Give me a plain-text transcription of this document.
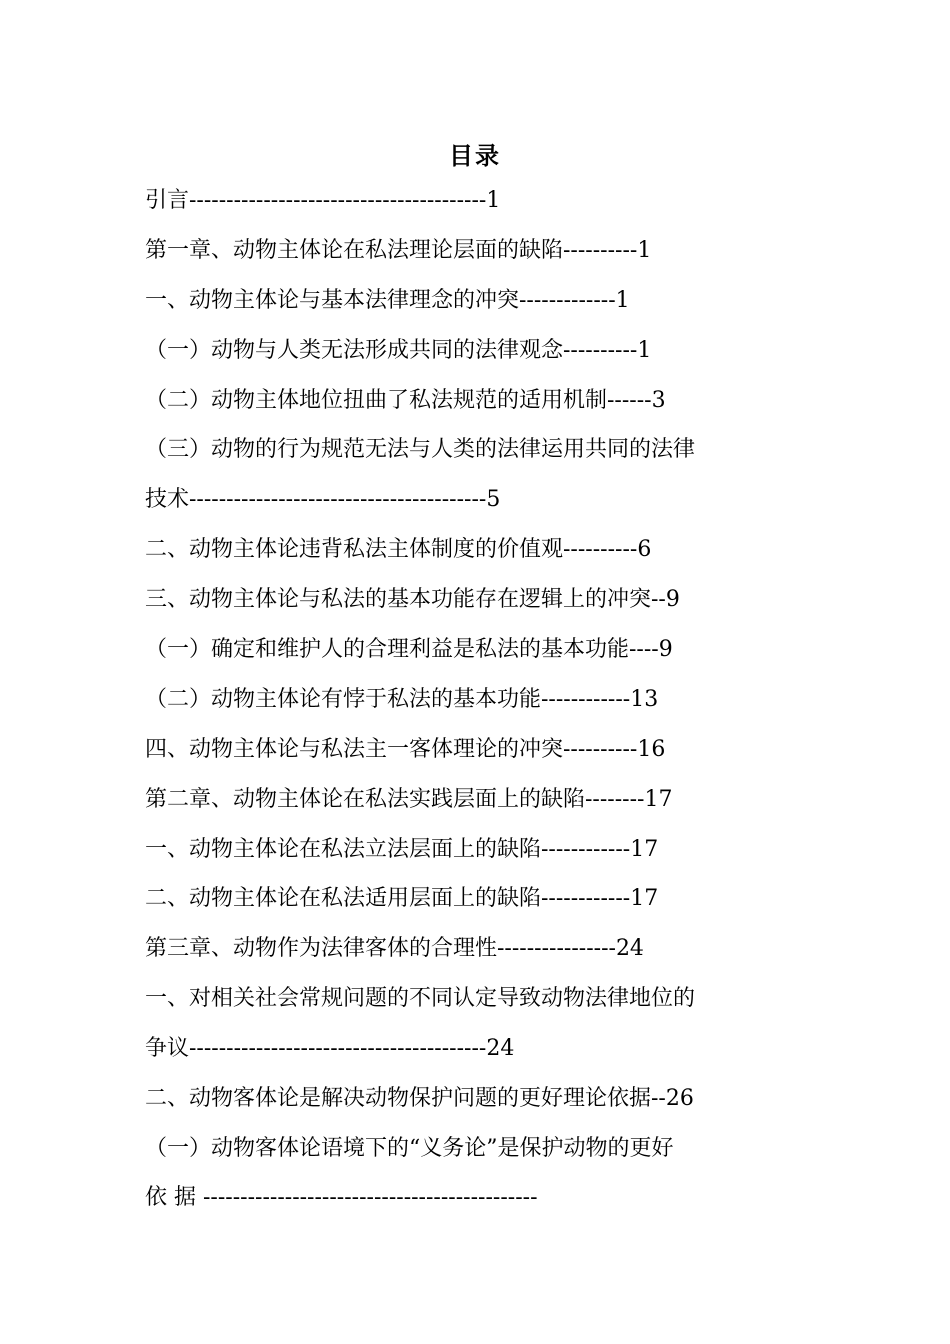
目录
引言----------------------------------------1
第一章、动物主体论在私法理论层面的缺陷----------1
一、动物主体论与基本法律理念的冲突-------------1
（一）动物与人类无法形成共同的法律观念----------1
（二）动物主体地位扭曲了私法规范的适用机制------3
（三）动物的行为规范无法与人类的法律运用共同的法律
技术----------------------------------------5
二、动物主体论违背私法主体制度的价值观----------6
三、动物主体论与私法的基本功能存在逻辑上的冲突--9
（一）确定和维护人的合理利益是私法的基本功能----9
（二）动物主体论有悖于私法的基本功能------------13
四、动物主体论与私法主一客体理论的冲突----------16
第二章、动物主体论在私法实践层面上的缺陷--------17
一、动物主体论在私法立法层面上的缺陷------------17
二、动物主体论在私法适用层面上的缺陷------------17
第三章、动物作为法律客体的合理性----------------24
一、对相关社会常规问题的不同认定导致动物法律地位的
争议----------------------------------------24
二、动物客体论是解决动物保护问题的更好理论依据--26
（一）动物客体论语境下的“义务论”是保护动物的更好
依 据 ---------------------------------------------
